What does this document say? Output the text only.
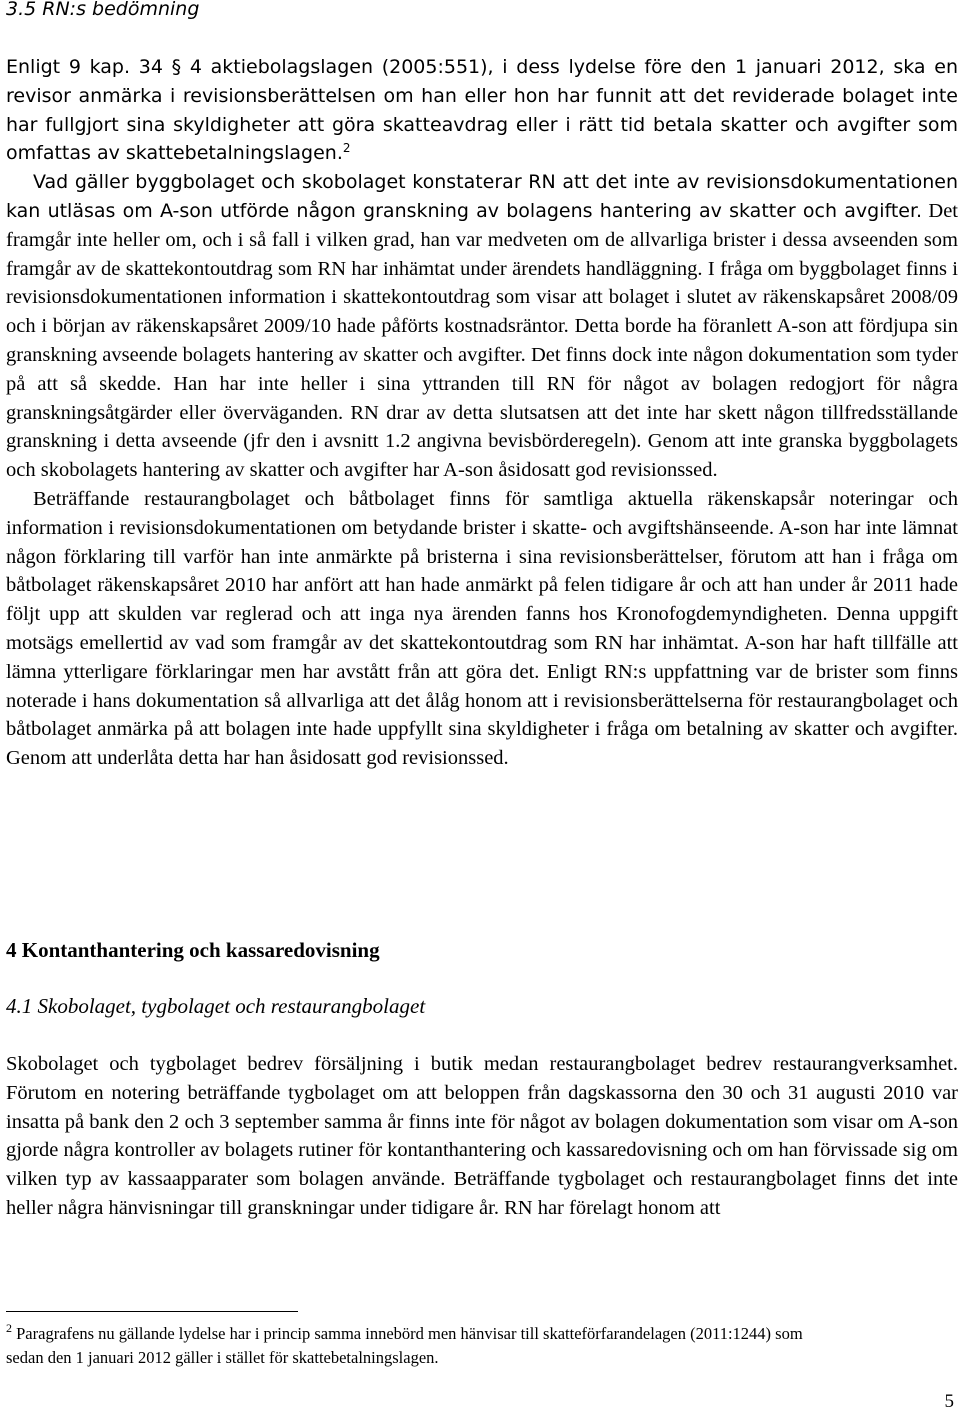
3.5 RN:s bedömning

Enligt 9 kap. 34 § 4 aktiebolagslagen (2005:551), i dess lydelse före den 1 januari 2012, ska en revisor anmärka i revisionsberättelsen om han eller hon har funnit att det reviderade bolaget inte har fullgjort sina skyldigheter att göra skatteavdrag eller i rätt tid betala skatter och avgifter som omfattas av skattebetalningslagen.$^2$

Vad gäller byggbolaget och skobolaget konstaterar RN att det inte av revisionsdokumentationen kan utläsas om A-son utförde någon granskning av bolagens hantering av skatter och avgifter. Det framgår inte heller om, och i så fall i vilken grad, han var medveten om de allvarliga brister i dessa avseenden som framgår av de skattekontoutdrag som RN har inhämtat under ärendets handläggning. I fråga om byggbolaget finns i revisionsdokumentationen information i skattekontoutdrag som visar att bolaget i slutet av räkenskapsåret 2008/09 och i början av räkenskapsåret 2009/10 hade påförts kostnadsräntor. Detta borde ha föranlett A-son att fördjupa sin granskning avseende bolagets hantering av skatter och avgifter. Det finns dock inte någon dokumentation som tyder på att så skedde. Han har inte heller i sina yttranden till RN för något av bolagen redogjort för några granskningsåtgärder eller överväganden. RN drar av detta slutsatsen att det inte har skett någon tillfredsställande granskning i detta avseende (jfr den i avsnitt 1.2 angivna bevisbörderegeln). Genom att inte granska byggbolagets och skobolagets hantering av skatter och avgifter har A-son åsidosatt god revisionssed.

Beträffande restaurangbolaget och båtbolaget finns för samtliga aktuella räkenskapsår noteringar och information i revisionsdokumentationen om betydande brister i skatte- och avgiftshänseende. A-son har inte lämnat någon förklaring till varför han inte anmärkte på bristerna i sina revisionsberättelser, förutom att han i fråga om båtbolaget räkenskapsåret 2010 har anfört att han hade anmärkt på felen tidigare år och att han under år 2011 hade följt upp att skulden var reglerad och att inga nya ärenden fanns hos Kronofogdemyndigheten. Denna uppgift motsägs emellertid av vad som framgår av det skattekontoutdrag som RN har inhämtat. A-son har haft tillfälle att lämna ytterligare förklaringar men har avstått från att göra det. Enligt RN:s uppfattning var de brister som finns noterade i hans dokumentation så allvarliga att det ålåg honom att i revisionsberättelserna för restaurangbolaget och båtbolaget anmärka på att bolagen inte hade uppfyllt sina skyldigheter i fråga om betalning av skatter och avgifter. Genom att underlåta detta har han åsidosatt god revisionssed.

4 Kontanthantering och kassaredovisning
4.1 Skobolaget, tygbolaget och restaurangbolaget

Skobolaget och tygbolaget bedrev försäljning i butik medan restaurangbolaget bedrev restaurangverksamhet. Förutom en notering beträffande tygbolaget om att beloppen från dagskassorna den 30 och 31 augusti 2010 var insatta på bank den 2 och 3 september samma år finns inte för något av bolagen dokumentation som visar om A-son gjorde några kontroller av bolagets rutiner för kontanthantering och kassaredovisning och om han förvissade sig om vilken typ av kassaapparater som bolagen använde. Beträffande tygbolaget och restaurangbolaget finns det inte heller några hänvisningar till granskningar under tidigare år. RN har förelagt honom att

$^2$ Paragrafens nu gällande lydelse har i princip samma innebörd men hänvisar till skatteförfarandelagen (2011:1244) som sedan den 1 januari 2012 gäller i stället för skattebetalningslagen.

5
